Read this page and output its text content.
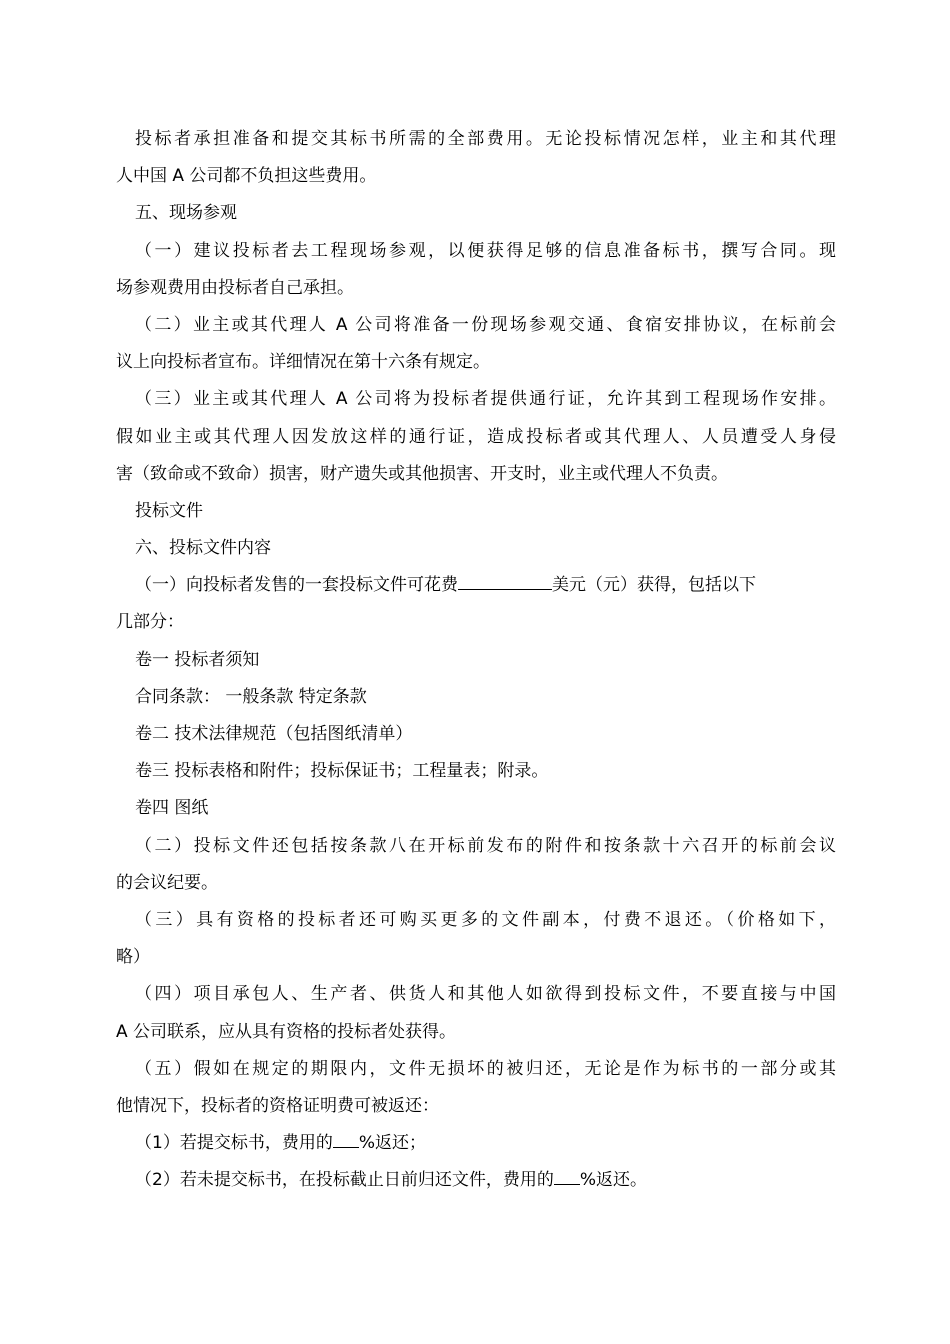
投标者承担准备和提交其标书所需的全部费用。无论投标情况怎样，业主和其代理
人中国 A 公司都不负担这些费用。
五、现场参观
（一）建议投标者去工程现场参观，以便获得足够的信息准备标书，撰写合同。现
场参观费用由投标者自己承担。
（二）业主或其代理人 A 公司将准备一份现场参观交通、食宿安排协议，在标前会
议上向投标者宣布。详细情况在第十六条有规定。
（三）业主或其代理人 A 公司将为投标者提供通行证，允许其到工程现场作安排。
假如业主或其代理人因发放这样的通行证，造成投标者或其代理人、人员遭受人身侵
害（致命或不致命）损害，财产遗失或其他损害、开支时，业主或代理人不负责。
投标文件
六、投标文件内容
（一）向投标者发售的一套投标文件可花费	美元（元）获得，包括以下
几部分：
卷一 投标者须知
合同条款： 一般条款 特定条款
卷二 技术法律规范（包括图纸清单）
卷三 投标表格和附件；投标保证书；工程量表；附录。
卷四 图纸
（二）投标文件还包括按条款八在开标前发布的附件和按条款十六召开的标前会议
的会议纪要。
（三）具有资格的投标者还可购买更多的文件副本，付费不退还。（价格如下，
略）
（四）项目承包人、生产者、供货人和其他人如欲得到投标文件，不要直接与中国
A 公司联系，应从具有资格的投标者处获得。
（五）假如在规定的期限内，文件无损坏的被归还，无论是作为标书的一部分或其
他情况下，投标者的资格证明费可被返还：
（1）若提交标书，费用的 %返还；
（2）若未提交标书，在投标截止日前归还文件，费用的 %返还。
